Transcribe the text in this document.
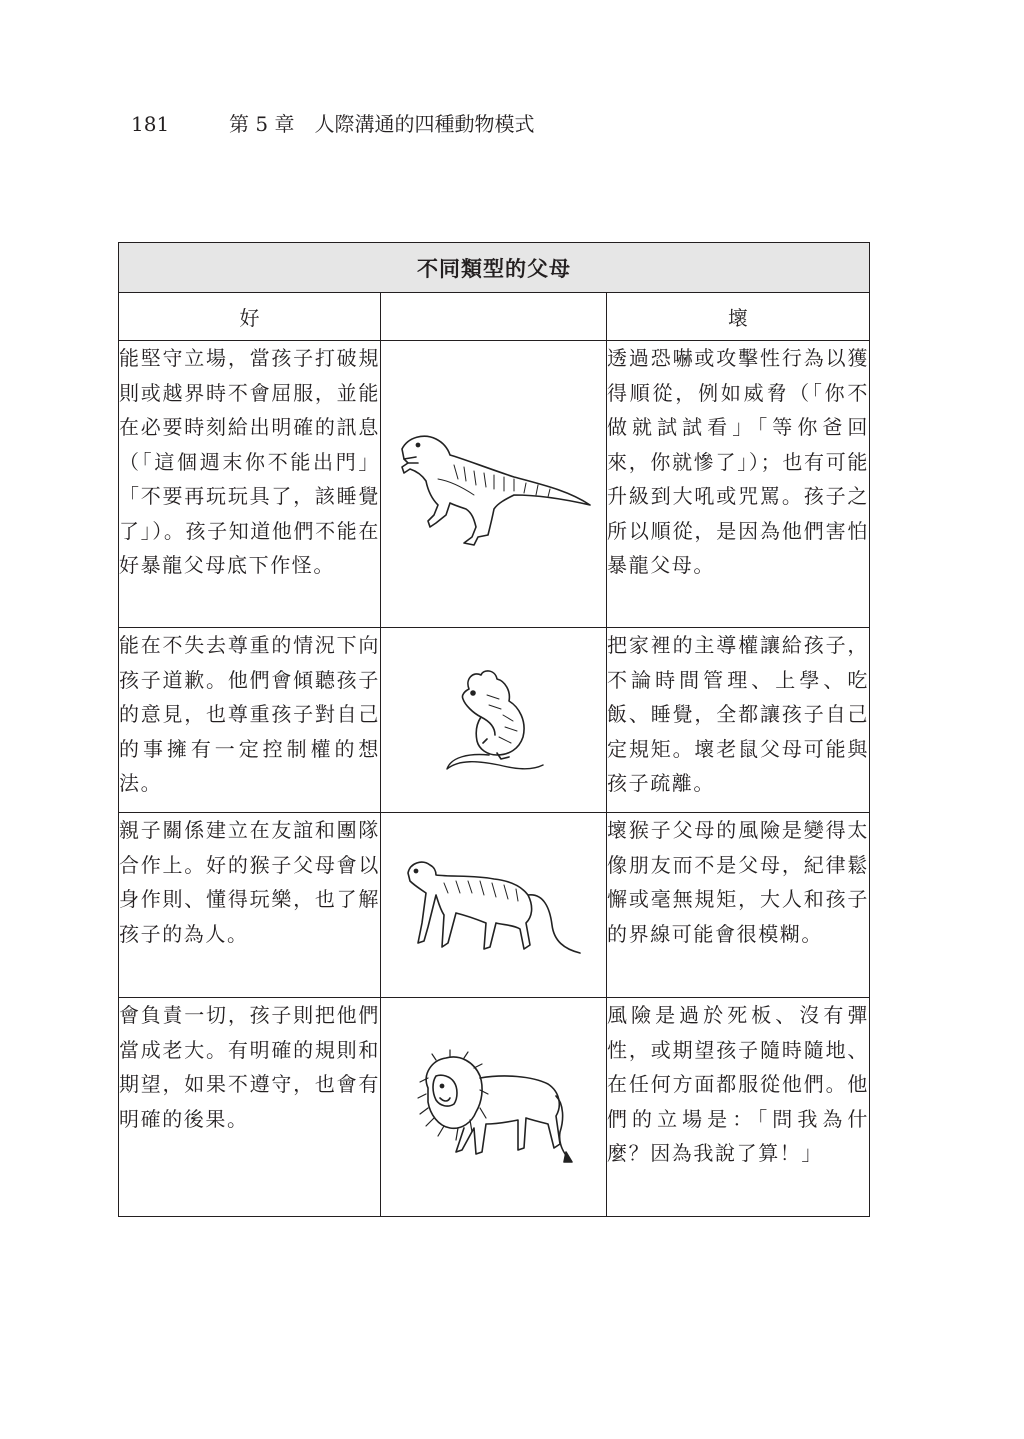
181	第 5 章　人際溝通的四種動物模式
不同類型的父母		
好		壞
能堅守立場，當孩子打破規則或越界時不會屈服，並能在必要時刻給出明確的訊息（「這個週末你不能出門」「不要再玩玩具了，該睡覺了」）。孩子知道他們不能在好暴龍父母底下作怪。		透過恐嚇或攻擊性行為以獲得順從，例如威脅（「你不做就試試看」「等你爸回來，你就慘了」）；也有可能升級到大吼或咒罵。孩子之所以順從，是因為他們害怕暴龍父母。
能在不失去尊重的情況下向孩子道歉。他們會傾聽孩子的意見，也尊重孩子對自己的事擁有一定控制權的想法。		把家裡的主導權讓給孩子，不論時間管理、上學、吃飯、睡覺，全都讓孩子自己定規矩。壞老鼠父母可能與孩子疏離。
親子關係建立在友誼和團隊合作上。好的猴子父母會以身作則、懂得玩樂，也了解孩子的為人。		壞猴子父母的風險是變得太像朋友而不是父母，紀律鬆懈或毫無規矩，大人和孩子的界線可能會很模糊。
會負責一切，孩子則把他們當成老大。有明確的規則和期望，如果不遵守，也會有明確的後果。		風險是過於死板、沒有彈性，或期望孩子隨時隨地、在任何方面都服從他們。他們的立場是：「問我為什麼？因為我說了算！」
